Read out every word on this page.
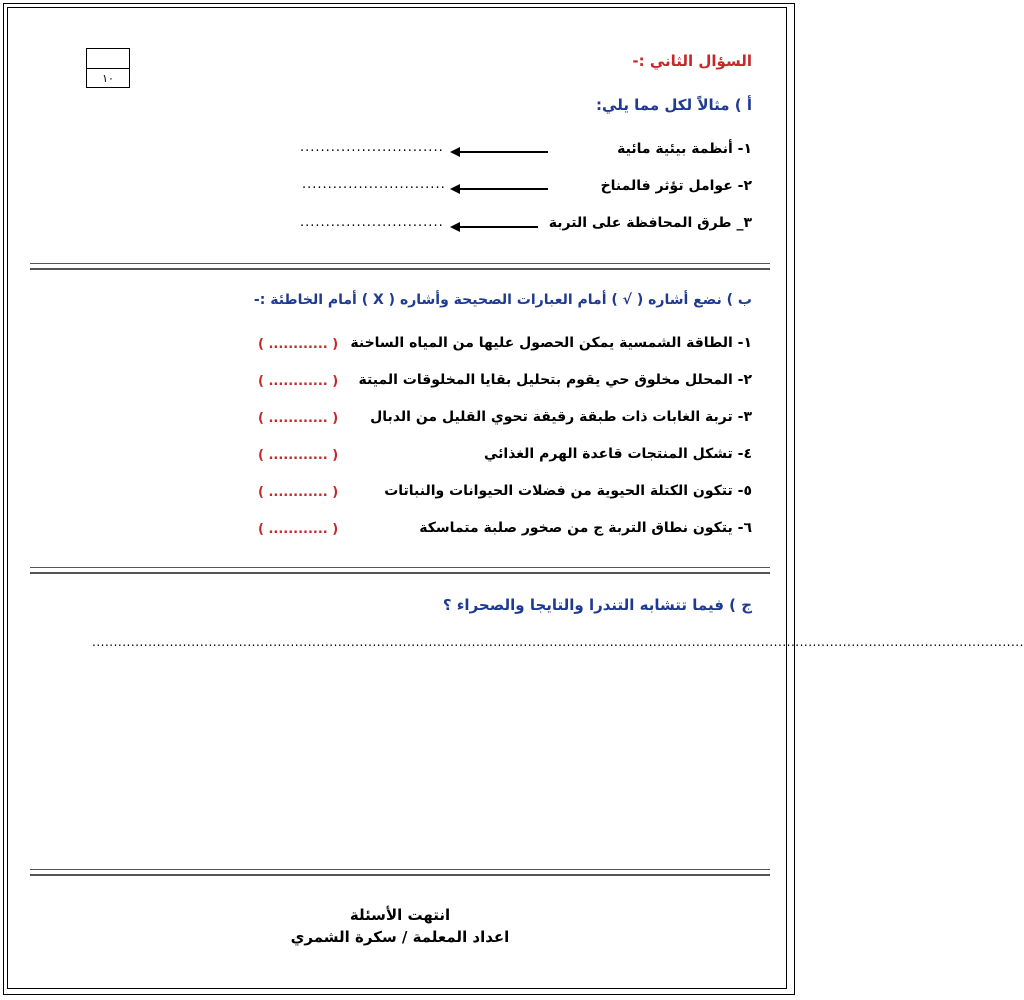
١٠
السؤال الثاني :-
أ ) مثالاً لكل مما يلي:
١- أنظمة بيئية مائية
............................
٢- عوامل تؤثر فالمناخ
............................
٣_ طرق المحافظة على التربة
............................
ب ) نضع أشاره ( √ ) أمام العبارات الصحيحة وأشاره ( X ) أمام الخاطئة :-
١- الطاقة الشمسية يمكن الحصول عليها من المياه الساخنة
( ............ )
٢- المحلل مخلوق حي يقوم بتحليل بقايا المخلوقات الميتة
( ............ )
٣- تربة الغابات ذات طبقة رقيقة تحوي القليل من الدبال
( ............ )
٤- تشكل المنتجات قاعدة الهرم الغذائي
( ............ )
٥- تتكون الكتلة الحيوية من فضلات الحيوانات والنباتات
( ............ )
٦- يتكون نطاق التربة ج من صخور صلبة متماسكة
( ............ )
ج ) فيما تتشابه التندرا والتايجا والصحراء ؟
........................................................................................................................................................................................................................
انتهت الأسئلة
اعداد المعلمة / سكرة الشمري
